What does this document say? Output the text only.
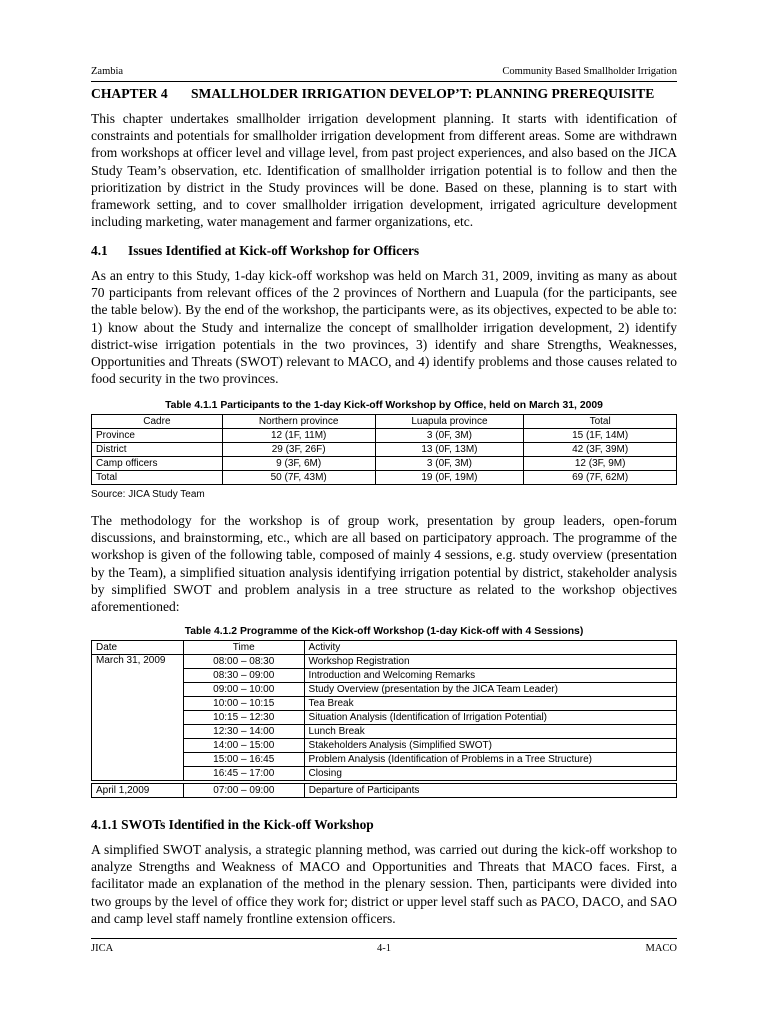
Zambia	Community Based Smallholder Irrigation
CHAPTER 4 SMALLHOLDER IRRIGATION DEVELOP’T: PLANNING PREREQUISITE

This chapter undertakes smallholder irrigation development planning. It starts with identification of constraints and potentials for smallholder irrigation development from different areas. Some are withdrawn from workshops at officer level and village level, from past project experiences, and also based on the JICA Study Team’s observation, etc. Identification of smallholder irrigation potential is to follow and then the prioritization by district in the Study provinces will be done. Based on these, planning is to start with framework setting, and to cover smallholder irrigation development, irrigated agriculture development including marketing, water management and farmer organizations, etc.

4.1 Issues Identified at Kick-off Workshop for Officers

As an entry to this Study, 1-day kick-off workshop was held on March 31, 2009, inviting as many as about 70 participants from relevant offices of the 2 provinces of Northern and Luapula (for the participants, see the table below). By the end of the workshop, the participants were, as its objectives, expected to be able to: 1) know about the Study and internalize the concept of smallholder irrigation development, 2) identify district-wise irrigation potentials in the two provinces, 3) identify and share Strengths, Weaknesses, Opportunities and Threats (SWOT) relevant to MACO, and 4) identify problems and those causes related to food security in the two provinces.

Table 4.1.1 Participants to the 1-day Kick-off Workshop by Office, held on March 31, 2009
Cadre	Northern province	Luapula province	Total
Province	12 (1F, 11M)	3 (0F, 3M)	15 (1F, 14M)
District	29 (3F, 26F)	13 (0F, 13M)	42 (3F, 39M)
Camp officers	9 (3F, 6M)	3 (0F, 3M)	12 (3F, 9M)
Total	50 (7F, 43M)	19 (0F, 19M)	69 (7F, 62M)
Source: JICA Study Team

The methodology for the workshop is of group work, presentation by group leaders, open-forum discussions, and brainstorming, etc., which are all based on participatory approach. The programme of the workshop is given of the following table, composed of mainly 4 sessions, e.g. study overview (presentation by the Team), a simplified situation analysis identifying irrigation potential by district, stakeholder analysis by simplified SWOT and problem analysis in a tree structure as related to the workshop objectives aforementioned:

Table 4.1.2 Programme of the Kick-off Workshop (1-day Kick-off with 4 Sessions)
Date	Time	Activity
March 31, 2009	08:00 – 08:30	Workshop Registration
	08:30 – 09:00	Introduction and Welcoming Remarks
	09:00 – 10:00	Study Overview (presentation by the JICA Team Leader)
	10:00 – 10:15	Tea Break
	10:15 – 12:30	Situation Analysis (Identification of Irrigation Potential)
	12:30 – 14:00	Lunch Break
	14:00 – 15:00	Stakeholders Analysis (Simplified SWOT)
	15:00 – 16:45	Problem Analysis (Identification of Problems in a Tree Structure)
	16:45 – 17:00	Closing
April 1,2009	07:00 – 09:00	Departure of Participants
4.1.1 SWOTs Identified in the Kick-off Workshop

A simplified SWOT analysis, a strategic planning method, was carried out during the kick-off workshop to analyze Strengths and Weakness of MACO and Opportunities and Threats that MACO faces. First, a facilitator made an explanation of the method in the plenary session. Then, participants were divided into two groups by the level of office they work for; district or upper level staff such as PACO, DACO, and SAO and camp level staff namely frontline extension officers.

JICA	4-1	MACO
